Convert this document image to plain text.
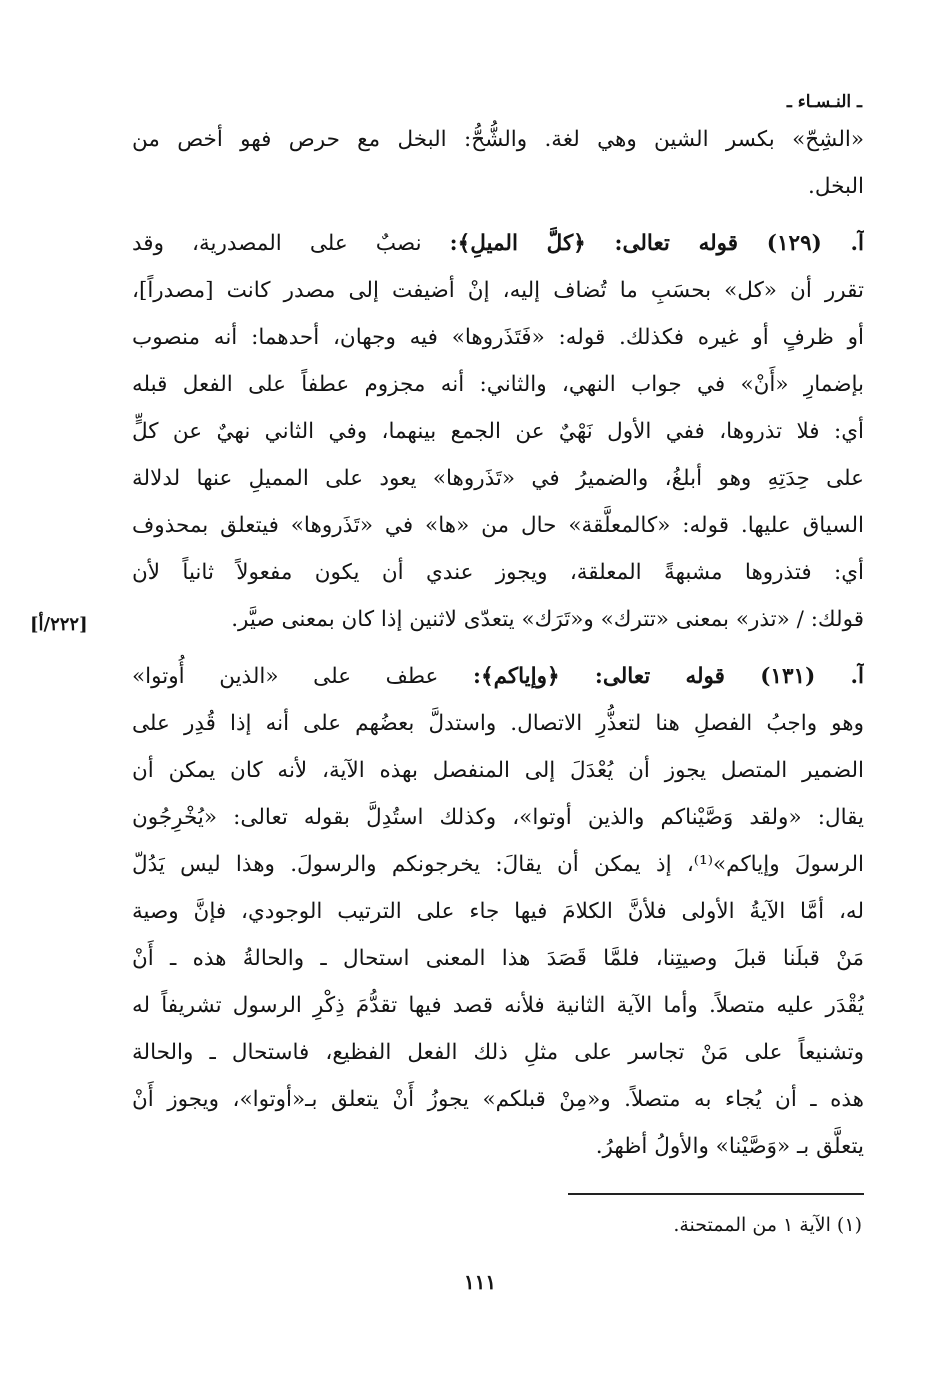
ـ النـسـاء ـ
«الشِحّ» بكسر الشين وهي لغة. والشُّحُّ: البخل مع حرص فهو أخص من
البخل.
آ. (١٢٩) قوله تعالى: ﴿كلَّ الميلِ﴾: نصبٌ على المصدرية، وقد
تقرر أن «كل» بحسَبِ ما تُضاف إليه، إنْ أضيفت إلى مصدر كانت [مصدراً]،
أو ظرفٍ أو غيره فكذلك. قوله: «فَتَذَروها» فيه وجهان، أحدهما: أنه منصوب
بإضمارِ «أَنْ» في جواب النهي، والثاني: أنه مجزوم عطفاً على الفعل قبله
أي: فلا تذروها، ففي الأول نَهْيٌ عن الجمع بينهما، وفي الثاني نهيٌ عن كلٍّ
على حِدَتِهِ وهو أبلغُ، والضميرُ في «تَذَروها» يعود على المميلِ عنها لدلالة
السياق عليها. قوله: «كالمعلَّقة» حال من «ها» في «تَذَروها» فيتعلق بمحذوف
أي: فتذروها مشبهةً المعلقة، ويجوز عندي أن يكون مفعولاً ثانياً لأن
قولك: / «تذر» بمعنى «تترك» و«تَرَك» يتعدّى لاثنين إذا كان بمعنى صيَّر.
آ. (١٣١) قوله تعالى: ﴿وإياكم﴾: عطف على «الذين أُوتوا»
وهو واجبُ الفصلِ هنا لتعذُّرِ الاتصال. واستدلَّ بعضُهم على أنه إذا قُدِر على
الضمير المتصل يجوز أن يُعْدَلَ إلى المنفصل بهذه الآية، لأنه كان يمكن أن
يقال: «ولقد وَصَّيْناكم والذين أوتوا»، وكذلك استُدِلَّ بقوله تعالى: «يُخْرِجُون
الرسولَ وإياكم»⁽¹⁾، إذ يمكن أن يقالَ: يخرجونكم والرسولَ. وهذا ليس يَدُلّ
له، أمَّا الآيةُ الأولى فلأنَّ الكلامَ فيها جاء على الترتيب الوجودي، فإنَّ وصية
مَنْ قبلَنا قبلَ وصيتِنا، فلمَّا قَصَدَ هذا المعنى استحال ـ والحالةُ هذه ـ أَنْ
يُقْدَر عليه متصلاً. وأما الآية الثانية فلأنه قصد فيها تقدُّمَ ذِكْرِ الرسول تشريفاً له
وتشنيعاً على مَنْ تجاسر على مثلِ ذلك الفعل الفظيع، فاستحال ـ والحالة
هذه ـ أن يُجاء به متصلاً. و«مِنْ قبلكم» يجوزُ أَنْ يتعلق بـ«أوتوا»، ويجوز أَنْ
يتعلَّق بـ «وَصَّيْنا» والأولُ أظهرُ.
[٢٢٢/أ]
(١) الآية ١ من الممتحنة.
١١١
